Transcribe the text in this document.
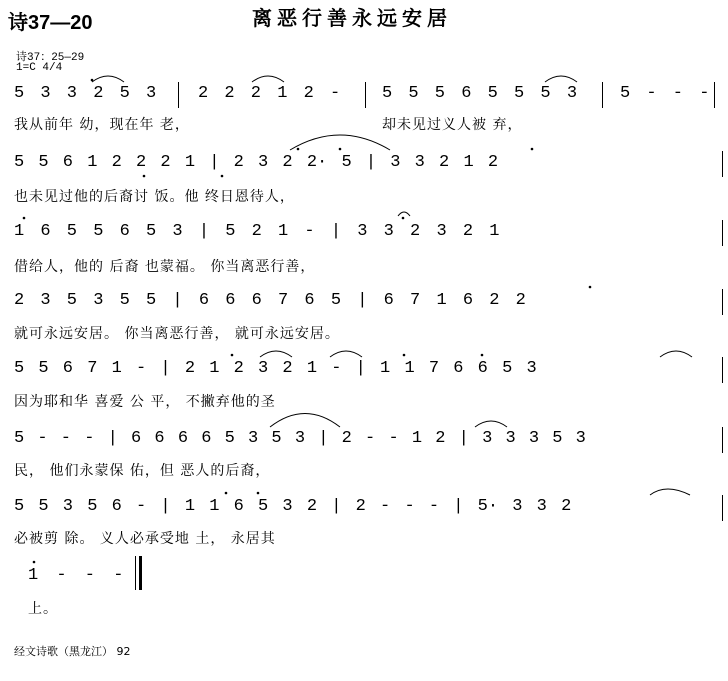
诗37—20	离恶行善永远安居
诗37：25—29
1=C 4/4
5 3 3 2 5 3 2 2 2 1 2 - 5 5 5 6 5 5 5 3	5 - - -
我从前年 幼，现在年 老，	却未见过义人被 弃，
5 5 6 1 2 2 2 1 | 2 3 2 2· 5 | 3 3 2 1 2
也未见过他的后裔讨 饭。他 终日恩待人，
1 6 5 5 6 5 3 | 5 2 1 - | 3 3 2 3 2 1
借给人，他的 后裔 也蒙福。 你当离恶行善，
2 3 5 3 5 5 | 6 6 6 7 6 5 | 6 7 1 6 2 2
就可永远安居。 你当离恶行善， 就可永远安居。
5 5 6 7 1 - | 2 1 2 3 2 1 - | 1 1 7 6 6 5 3
因为耶和华 喜爱 公 平， 不撇弃他的圣
5 - - - | 6 6 6 6 5 3 5 3 | 2 - - 1 2 | 3 3 3 5 3
民， 他们永蒙保 佑，但 恶人的后裔，
5 5 3 5 6 - | 1 1 6 5 3 2 | 2 - - - | 5· 3 3 2
必被剪 除。 义人必承受地 土， 永居其
1 - - -
上。
经文诗歌（黑龙江） 92
